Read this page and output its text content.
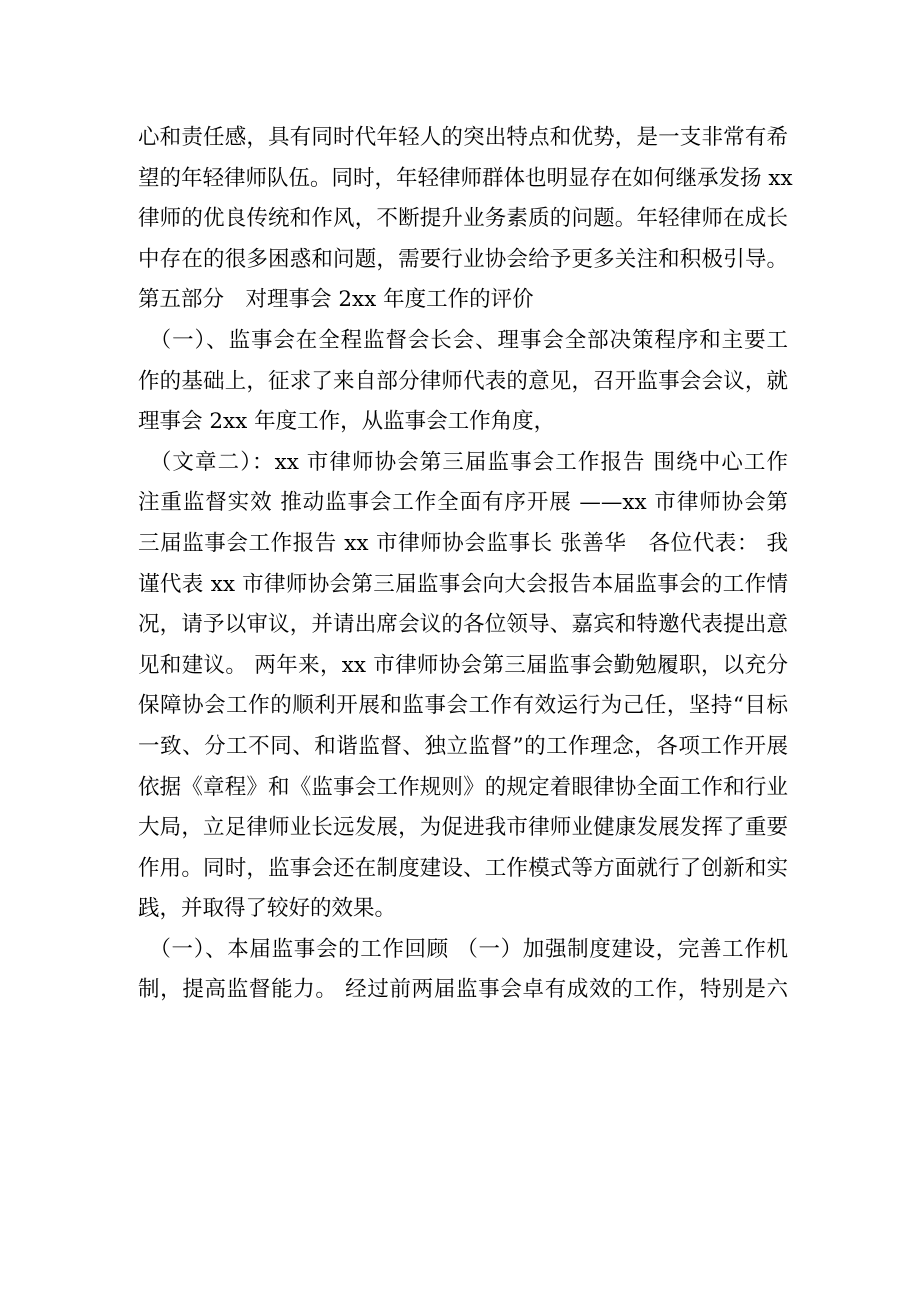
心和责任感，具有同时代年轻人的突出特点和优势，是一支非常有希
望的年轻律师队伍。同时，年轻律师群体也明显存在如何继承发扬 xx
律师的优良传统和作风，不断提升业务素质的问题。年轻律师在成长
中存在的很多困惑和问题，需要行业协会给予更多关注和积极引导。
第五部分　对理事会 2xx 年度工作的评价
　（一）、监事会在全程监督会长会、理事会全部决策程序和主要工
作的基础上，征求了来自部分律师代表的意见，召开监事会会议，就
理事会 2xx 年度工作，从监事会工作角度，
　（文章二）：xx 市律师协会第三届监事会工作报告 围绕中心工作
注重监督实效 推动监事会工作全面有序开展 ——xx 市律师协会第
三届监事会工作报告 xx 市律师协会监事长 张善华　各位代表： 我
谨代表 xx 市律师协会第三届监事会向大会报告本届监事会的工作情
况，请予以审议，并请出席会议的各位领导、嘉宾和特邀代表提出意
见和建议。 两年来，xx 市律师协会第三届监事会勤勉履职，以充分
保障协会工作的顺利开展和监事会工作有效运行为己任，坚持“目标
一致、分工不同、和谐监督、独立监督”的工作理念，各项工作开展
依据《章程》和《监事会工作规则》的规定着眼律协全面工作和行业
大局，立足律师业长远发展，为促进我市律师业健康发展发挥了重要
作用。同时，监事会还在制度建设、工作模式等方面就行了创新和实
践，并取得了较好的效果。
　（一）、本届监事会的工作回顾 （一）加强制度建设，完善工作机
制，提高监督能力。 经过前两届监事会卓有成效的工作，特别是六
